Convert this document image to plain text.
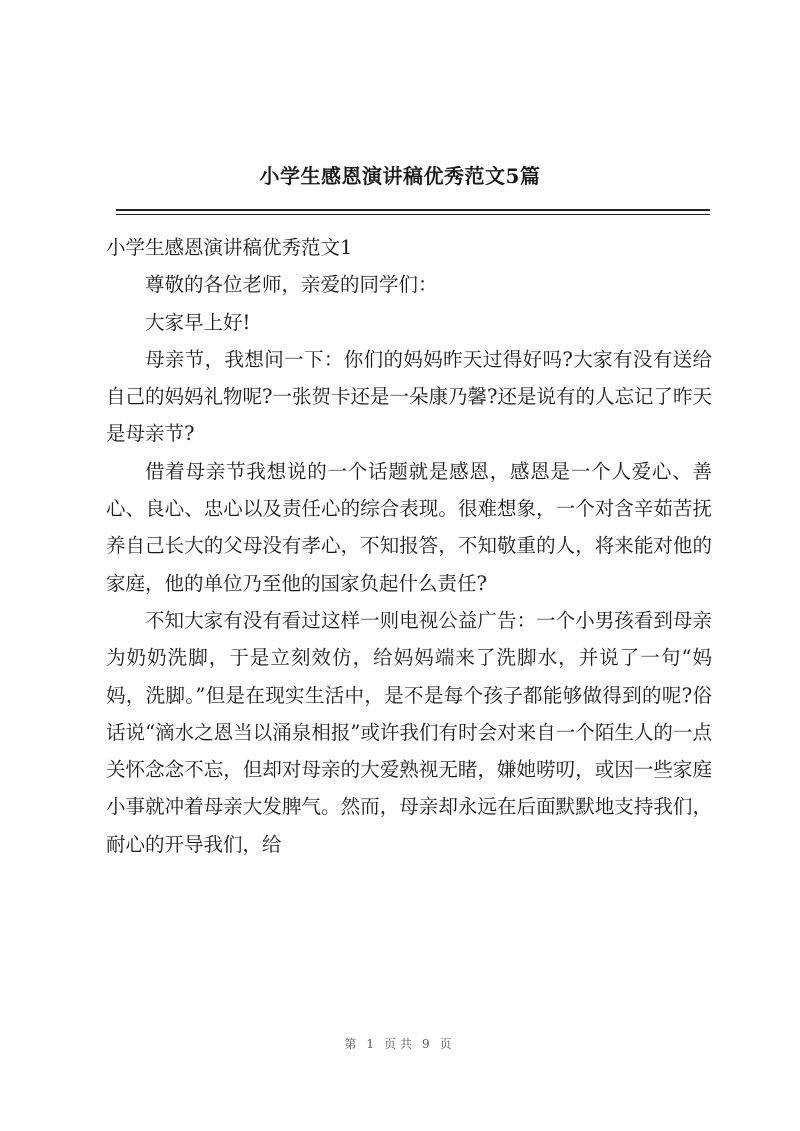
小学生感恩演讲稿优秀范文5篇

小学生感恩演讲稿优秀范文1

尊敬的各位老师，亲爱的同学们：

大家早上好!

母亲节，我想问一下：你们的妈妈昨天过得好吗?大家有没有送给自己的妈妈礼物呢?一张贺卡还是一朵康乃馨?还是说有的人忘记了昨天是母亲节?

借着母亲节我想说的一个话题就是感恩，感恩是一个人爱心、善心、良心、忠心以及责任心的综合表现。很难想象，一个对含辛茹苦抚养自己长大的父母没有孝心，不知报答，不知敬重的人，将来能对他的家庭，他的单位乃至他的国家负起什么责任?

不知大家有没有看过这样一则电视公益广告：一个小男孩看到母亲为奶奶洗脚，于是立刻效仿，给妈妈端来了洗脚水，并说了一句“妈妈，洗脚。”但是在现实生活中，是不是每个孩子都能够做得到的呢?俗话说“滴水之恩当以涌泉相报”或许我们有时会对来自一个陌生人的一点关怀念念不忘，但却对母亲的大爱熟视无睹，嫌她唠叨，或因一些家庭小事就冲着母亲大发脾气。然而，母亲却永远在后面默默地支持我们，耐心的开导我们，给

第 1 页共 9 页
